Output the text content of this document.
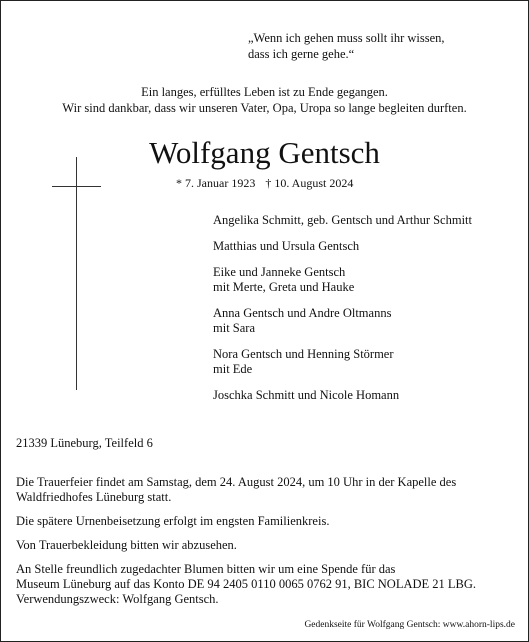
„Wenn ich gehen muss sollt ihr wissen,
dass ich gerne gehe.“
Ein langes, erfülltes Leben ist zu Ende gegangen.
Wir sind dankbar, dass wir unseren Vater, Opa, Uropa so lange begleiten durften.
Wolfgang Gentsch
* 7. Januar 1923 † 10. August 2024
Angelika Schmitt, geb. Gentsch und Arthur Schmitt
Matthias und Ursula Gentsch
Eike und Janneke Gentsch
mit Merte, Greta und Hauke
Anna Gentsch und Andre Oltmanns
mit Sara
Nora Gentsch und Henning Störmer
mit Ede
Joschka Schmitt und Nicole Homann
21339 Lüneburg, Teilfeld 6
Die Trauerfeier findet am Samstag, dem 24. August 2024, um 10 Uhr in der Kapelle des
Waldfriedhofes Lüneburg statt.
Die spätere Urnenbeisetzung erfolgt im engsten Familienkreis.
Von Trauerbekleidung bitten wir abzusehen.
An Stelle freundlich zugedachter Blumen bitten wir um eine Spende für das
Museum Lüneburg auf das Konto DE 94 2405 0110 0065 0762 91, BIC NOLADE 21 LBG.
Verwendungszweck: Wolfgang Gentsch.
Gedenkseite für Wolfgang Gentsch: www.ahorn-lips.de
